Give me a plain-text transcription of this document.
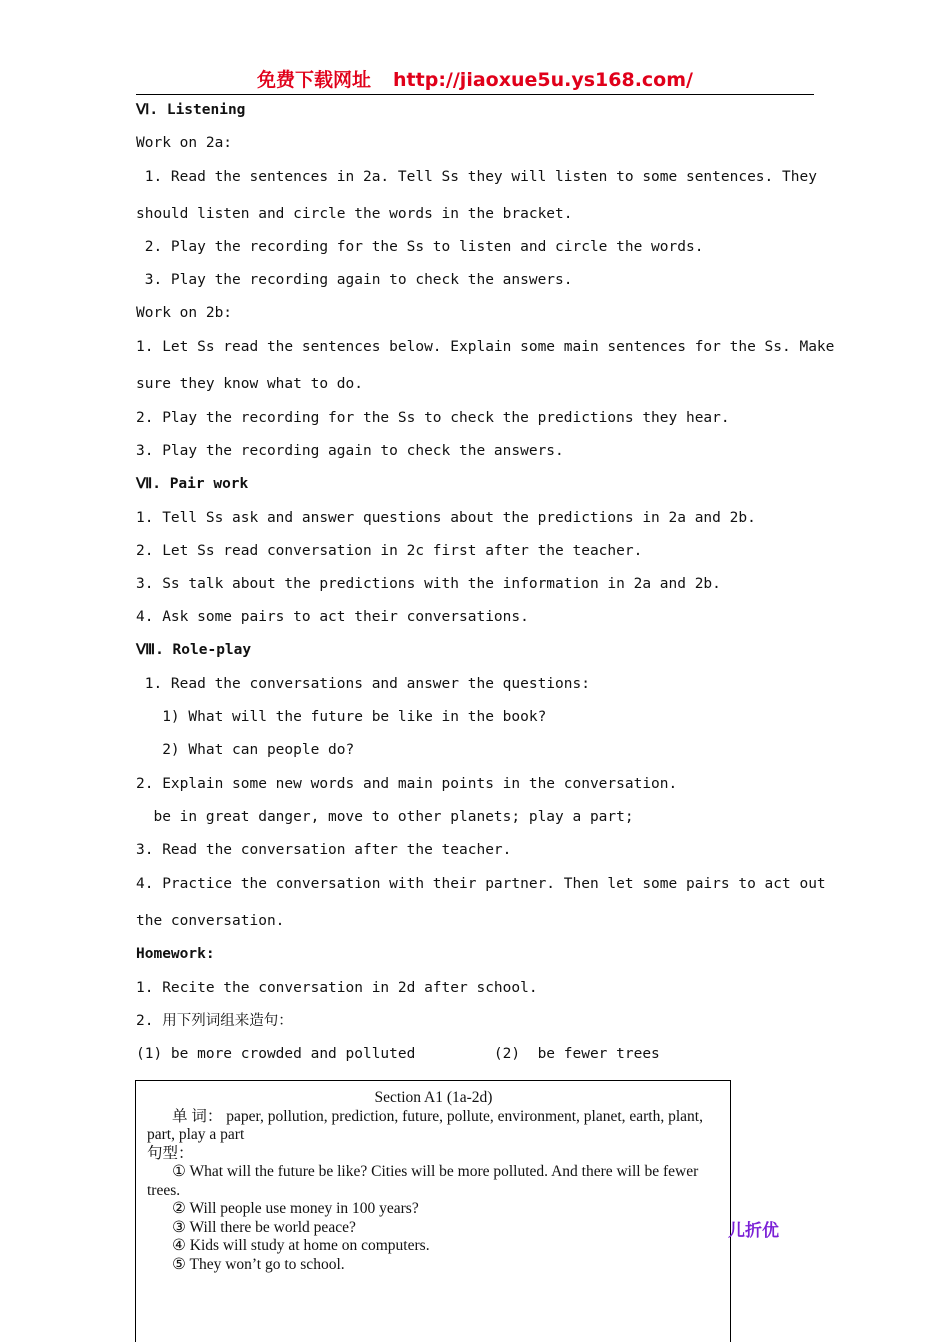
免费下载网址 http://jiaoxue5u.ys168.com/
Ⅵ. Listening
Work on 2a:
1. Read the sentences in 2a. Tell Ss they will listen to some sentences. They
should listen and circle the words in the bracket.
2. Play the recording for the Ss to listen and circle the words.
3. Play the recording again to check the answers.
Work on 2b:
1. Let Ss read the sentences below. Explain some main sentences for the Ss. Make
sure they know what to do.
2. Play the recording for the Ss to check the predictions they hear.
3. Play the recording again to check the answers.
Ⅶ. Pair work
1. Tell Ss ask and answer questions about the predictions in 2a and 2b.
2. Let Ss read conversation in 2c first after the teacher.
3. Ss talk about the predictions with the information in 2a and 2b.
4. Ask some pairs to act their conversations.
Ⅷ. Role-play
1. Read the conversations and answer the questions:
1) What will the future be like in the book?
2) What can people do?
2. Explain some new words and main points in the conversation.
be in great danger, move to other planets; play a part;
3. Read the conversation after the teacher.
4. Practice the conversation with their partner. Then let some pairs to act out
the conversation.
Homework:
1. Recite the conversation in 2d after school.
2. 用下列词组来造句：
(1) be more crowded and polluted         (2)  be fewer trees
Section A1 (1a-2d)
单 词： paper, pollution, prediction, future, pollute, environment, planet, earth, plant, part, play a part
句型：
① What will the future be like? Cities will be more polluted. And there will be fewer trees.
② Will people use money in 100 years?
③ Will there be world peace?
④ Kids will study at home on computers.
⑤ They won’t go to school.
儿折优
